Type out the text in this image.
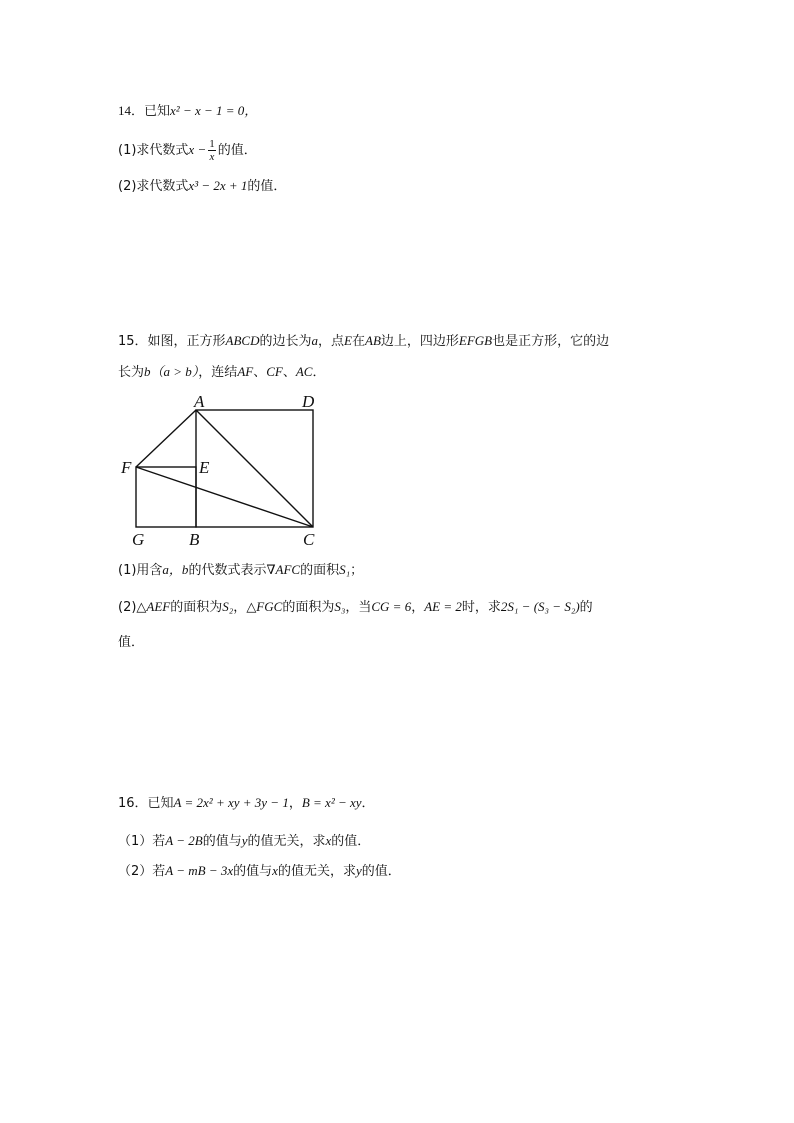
14．已知x² − x − 1 = 0，
(1)求代数式$x - \frac{1}{x}$ 的值．
(2)求代数式x³ − 2x + 1的值．
15．如图，正方形ABCD的边长为a，点E在AB边上，四边形EFGB也是正方形，它的边
长为b（a > b），连结AF、CF、AC．
A	D
F	E
G	B	C
(1)用含a，b的代数式表示∇AFC的面积S₁；
(2)△AEF的面积为S₂，△FGC的面积为S₃，当CG = 6，AE = 2时，求2S₁ − (S₃ − S₂)的
值．
16．已知A = 2x² + xy + 3y − 1，B = x² − xy．
（1）若A − 2B的值与y的值无关，求x的值．
（2）若A − mB − 3x的值与x的值无关，求y的值．
